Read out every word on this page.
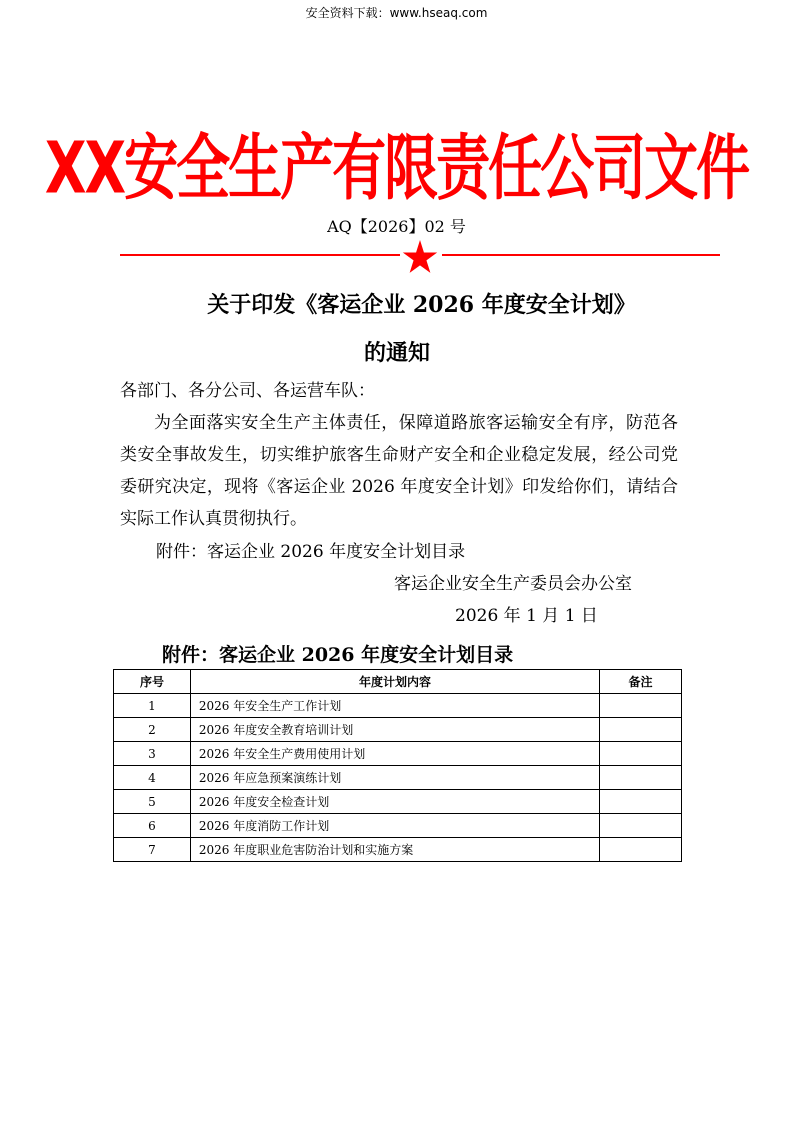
安全资料下载：www.hseaq.com
XX安全生产有限责任公司文件
AQ【2026】02 号
关于印发《客运企业 2026 年度安全计划》
的通知
各部门、各分公司、各运营车队：

为全面落实安全生产主体责任，保障道路旅客运输安全有序，防范各类安全事故发生，切实维护旅客生命财产安全和企业稳定发展，经公司党委研究决定，现将《客运企业 2026 年度安全计划》印发给你们，请结合实际工作认真贯彻执行。

附件：客运企业 2026 年度安全计划目录
客运企业安全生产委员会办公室
2026 年 1 月 1 日
附件：客运企业 2026 年度安全计划目录
序号	年度计划内容	备注
1	2026 年安全生产工作计划	
2	2026 年度安全教育培训计划	
3	2026 年安全生产费用使用计划	
4	2026 年应急预案演练计划	
5	2026 年度安全检查计划	
6	2026 年度消防工作计划	
7	2026 年度职业危害防治计划和实施方案	
